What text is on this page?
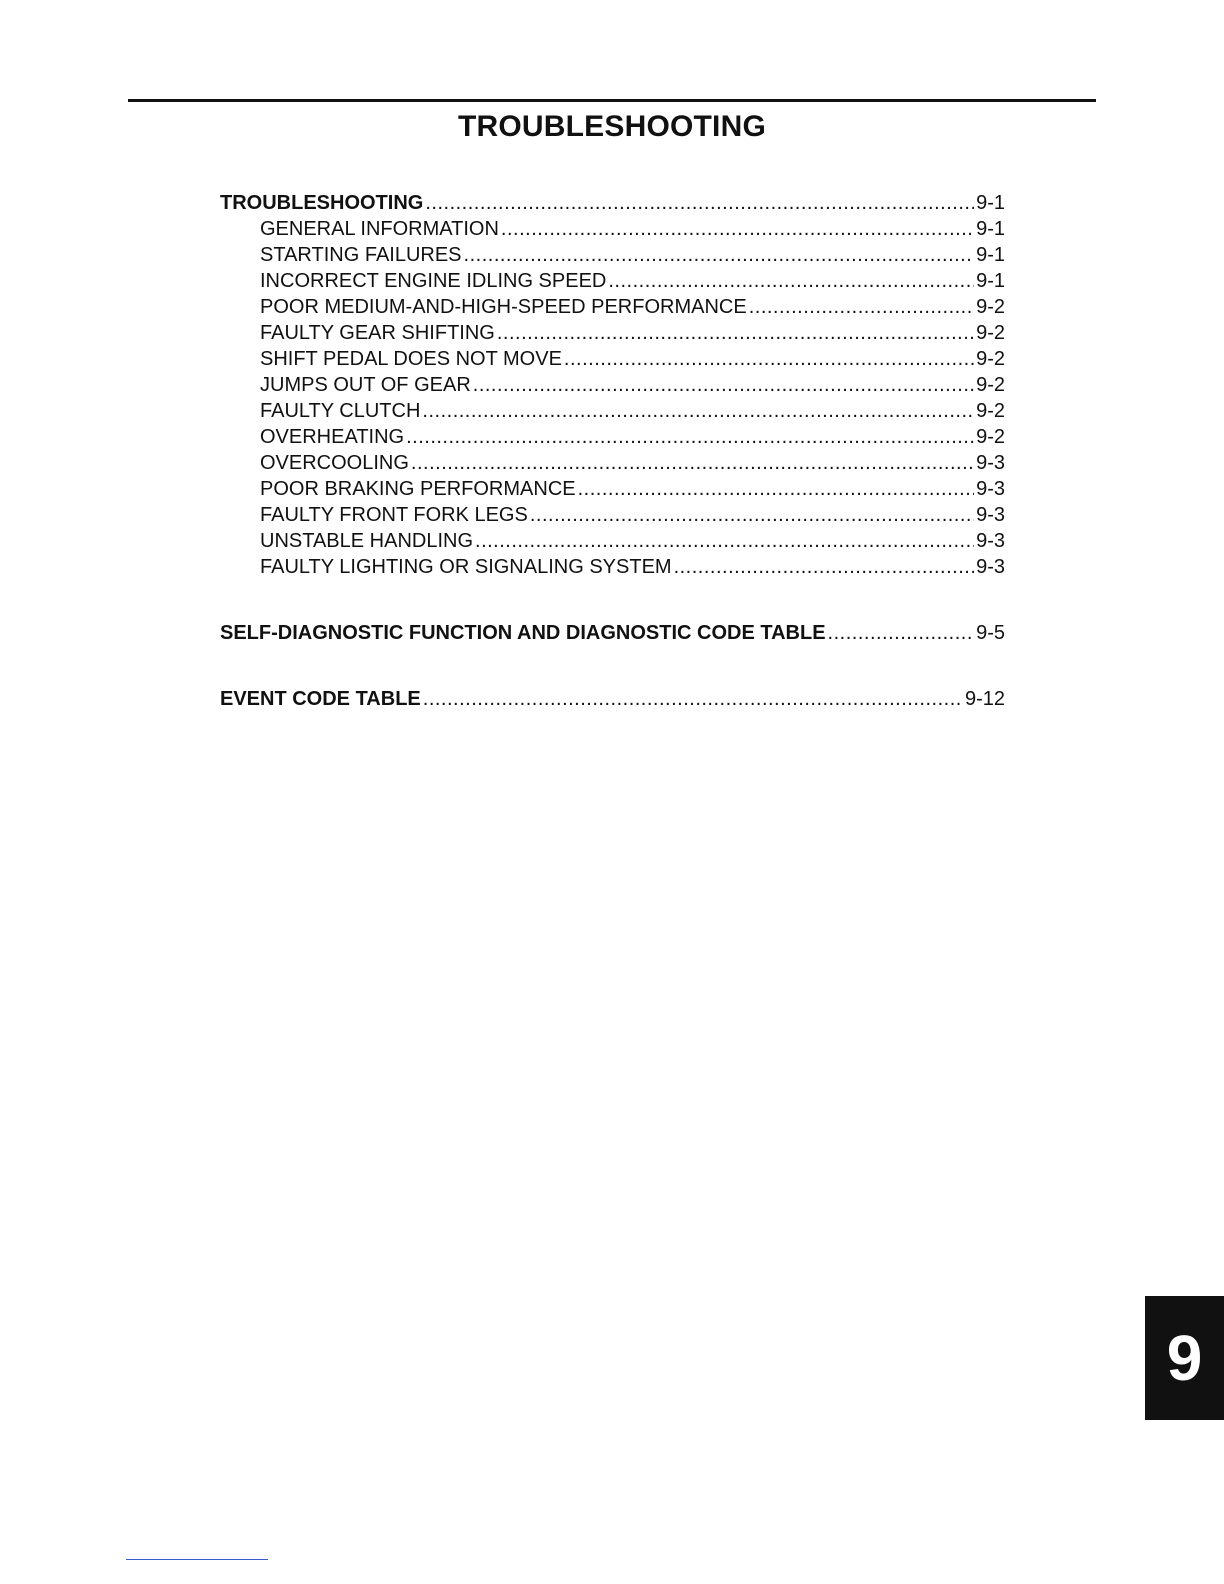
TROUBLESHOOTING
TROUBLESHOOTING .....	9-1
GENERAL INFORMATION .....	9-1
STARTING FAILURES .....	9-1
INCORRECT ENGINE IDLING SPEED .....	9-1
POOR MEDIUM-AND-HIGH-SPEED PERFORMANCE .....	9-2
FAULTY GEAR SHIFTING .....	9-2
SHIFT PEDAL DOES NOT MOVE .....	9-2
JUMPS OUT OF GEAR .....	9-2
FAULTY CLUTCH .....	9-2
OVERHEATING .....	9-2
OVERCOOLING .....	9-3
POOR BRAKING PERFORMANCE .....	9-3
FAULTY FRONT FORK LEGS .....	9-3
UNSTABLE HANDLING .....	9-3
FAULTY LIGHTING OR SIGNALING SYSTEM .....	9-3
SELF-DIAGNOSTIC FUNCTION AND DIAGNOSTIC CODE TABLE .....	9-5
EVENT CODE TABLE .....	9-12
9
